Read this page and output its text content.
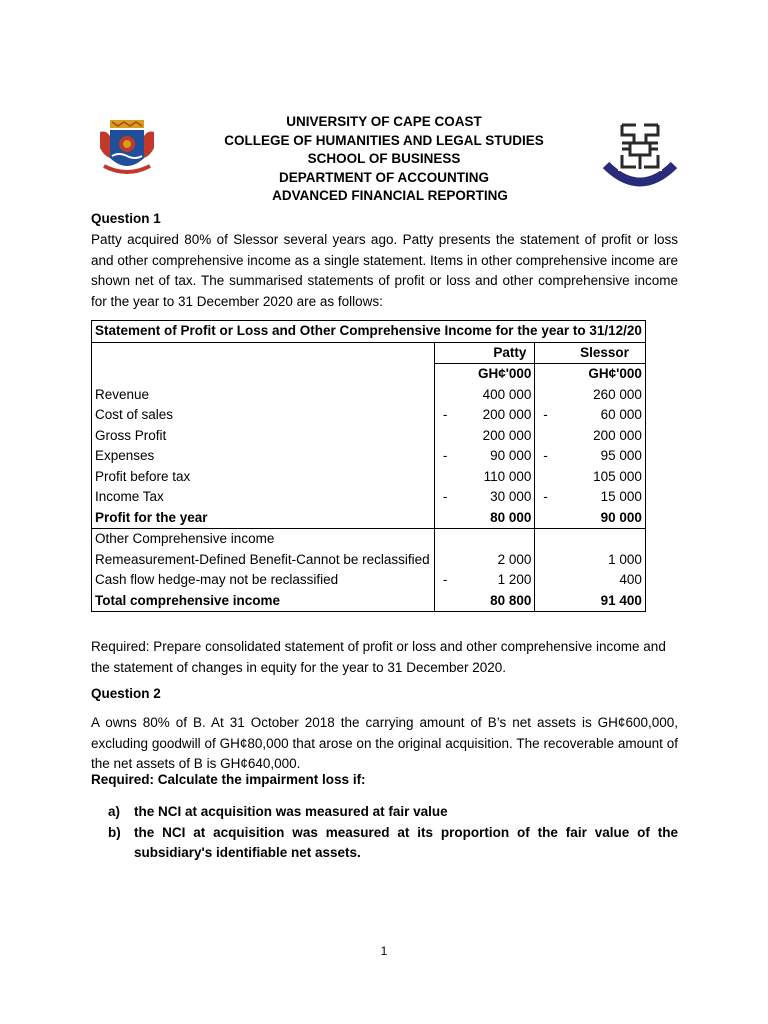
UNIVERSITY OF CAPE COAST
COLLEGE OF HUMANITIES AND LEGAL STUDIES
SCHOOL OF BUSINESS
DEPARTMENT OF ACCOUNTING
ADVANCED FINANCIAL REPORTING
Question 1

Patty acquired 80% of Slessor several years ago. Patty presents the statement of profit or loss and other comprehensive income as a single statement. Items in other comprehensive income are shown net of tax. The summarised statements of profit or loss and other comprehensive income for the year to 31 December 2020 are as follows:

Statement of Profit or Loss and Other Comprehensive Income for the year to 31/12/20				
		Patty		Slessor
		GH¢'000		GH¢'000
Revenue		400 000		260 000
Cost of sales	-	200 000	-	60 000
Gross Profit		200 000		200 000
Expenses	-	90 000	-	95 000
Profit before tax		110 000		105 000
Income Tax	-	30 000	-	15 000
Profit for the year		80 000		90 000
Other Comprehensive income				
Remeasurement-Defined Benefit-Cannot be reclassified		2 000		1 000
Cash flow hedge-may not be reclassified	-	1 200		400
Total comprehensive income		80 800		91 400

Required: Prepare consolidated statement of profit or loss and other comprehensive income and the statement of changes in equity for the year to 31 December 2020.

Question 2

A owns 80% of B. At 31 October 2018 the carrying amount of B’s net assets is GH¢600,000, excluding goodwill of GH¢80,000 that arose on the original acquisition. The recoverable amount of the net assets of B is GH¢640,000.

Required: Calculate the impairment loss if:
a) the NCI at acquisition was measured at fair value
b) the NCI at acquisition was measured at its proportion of the fair value of the subsidiary's identifiable net assets.
1
